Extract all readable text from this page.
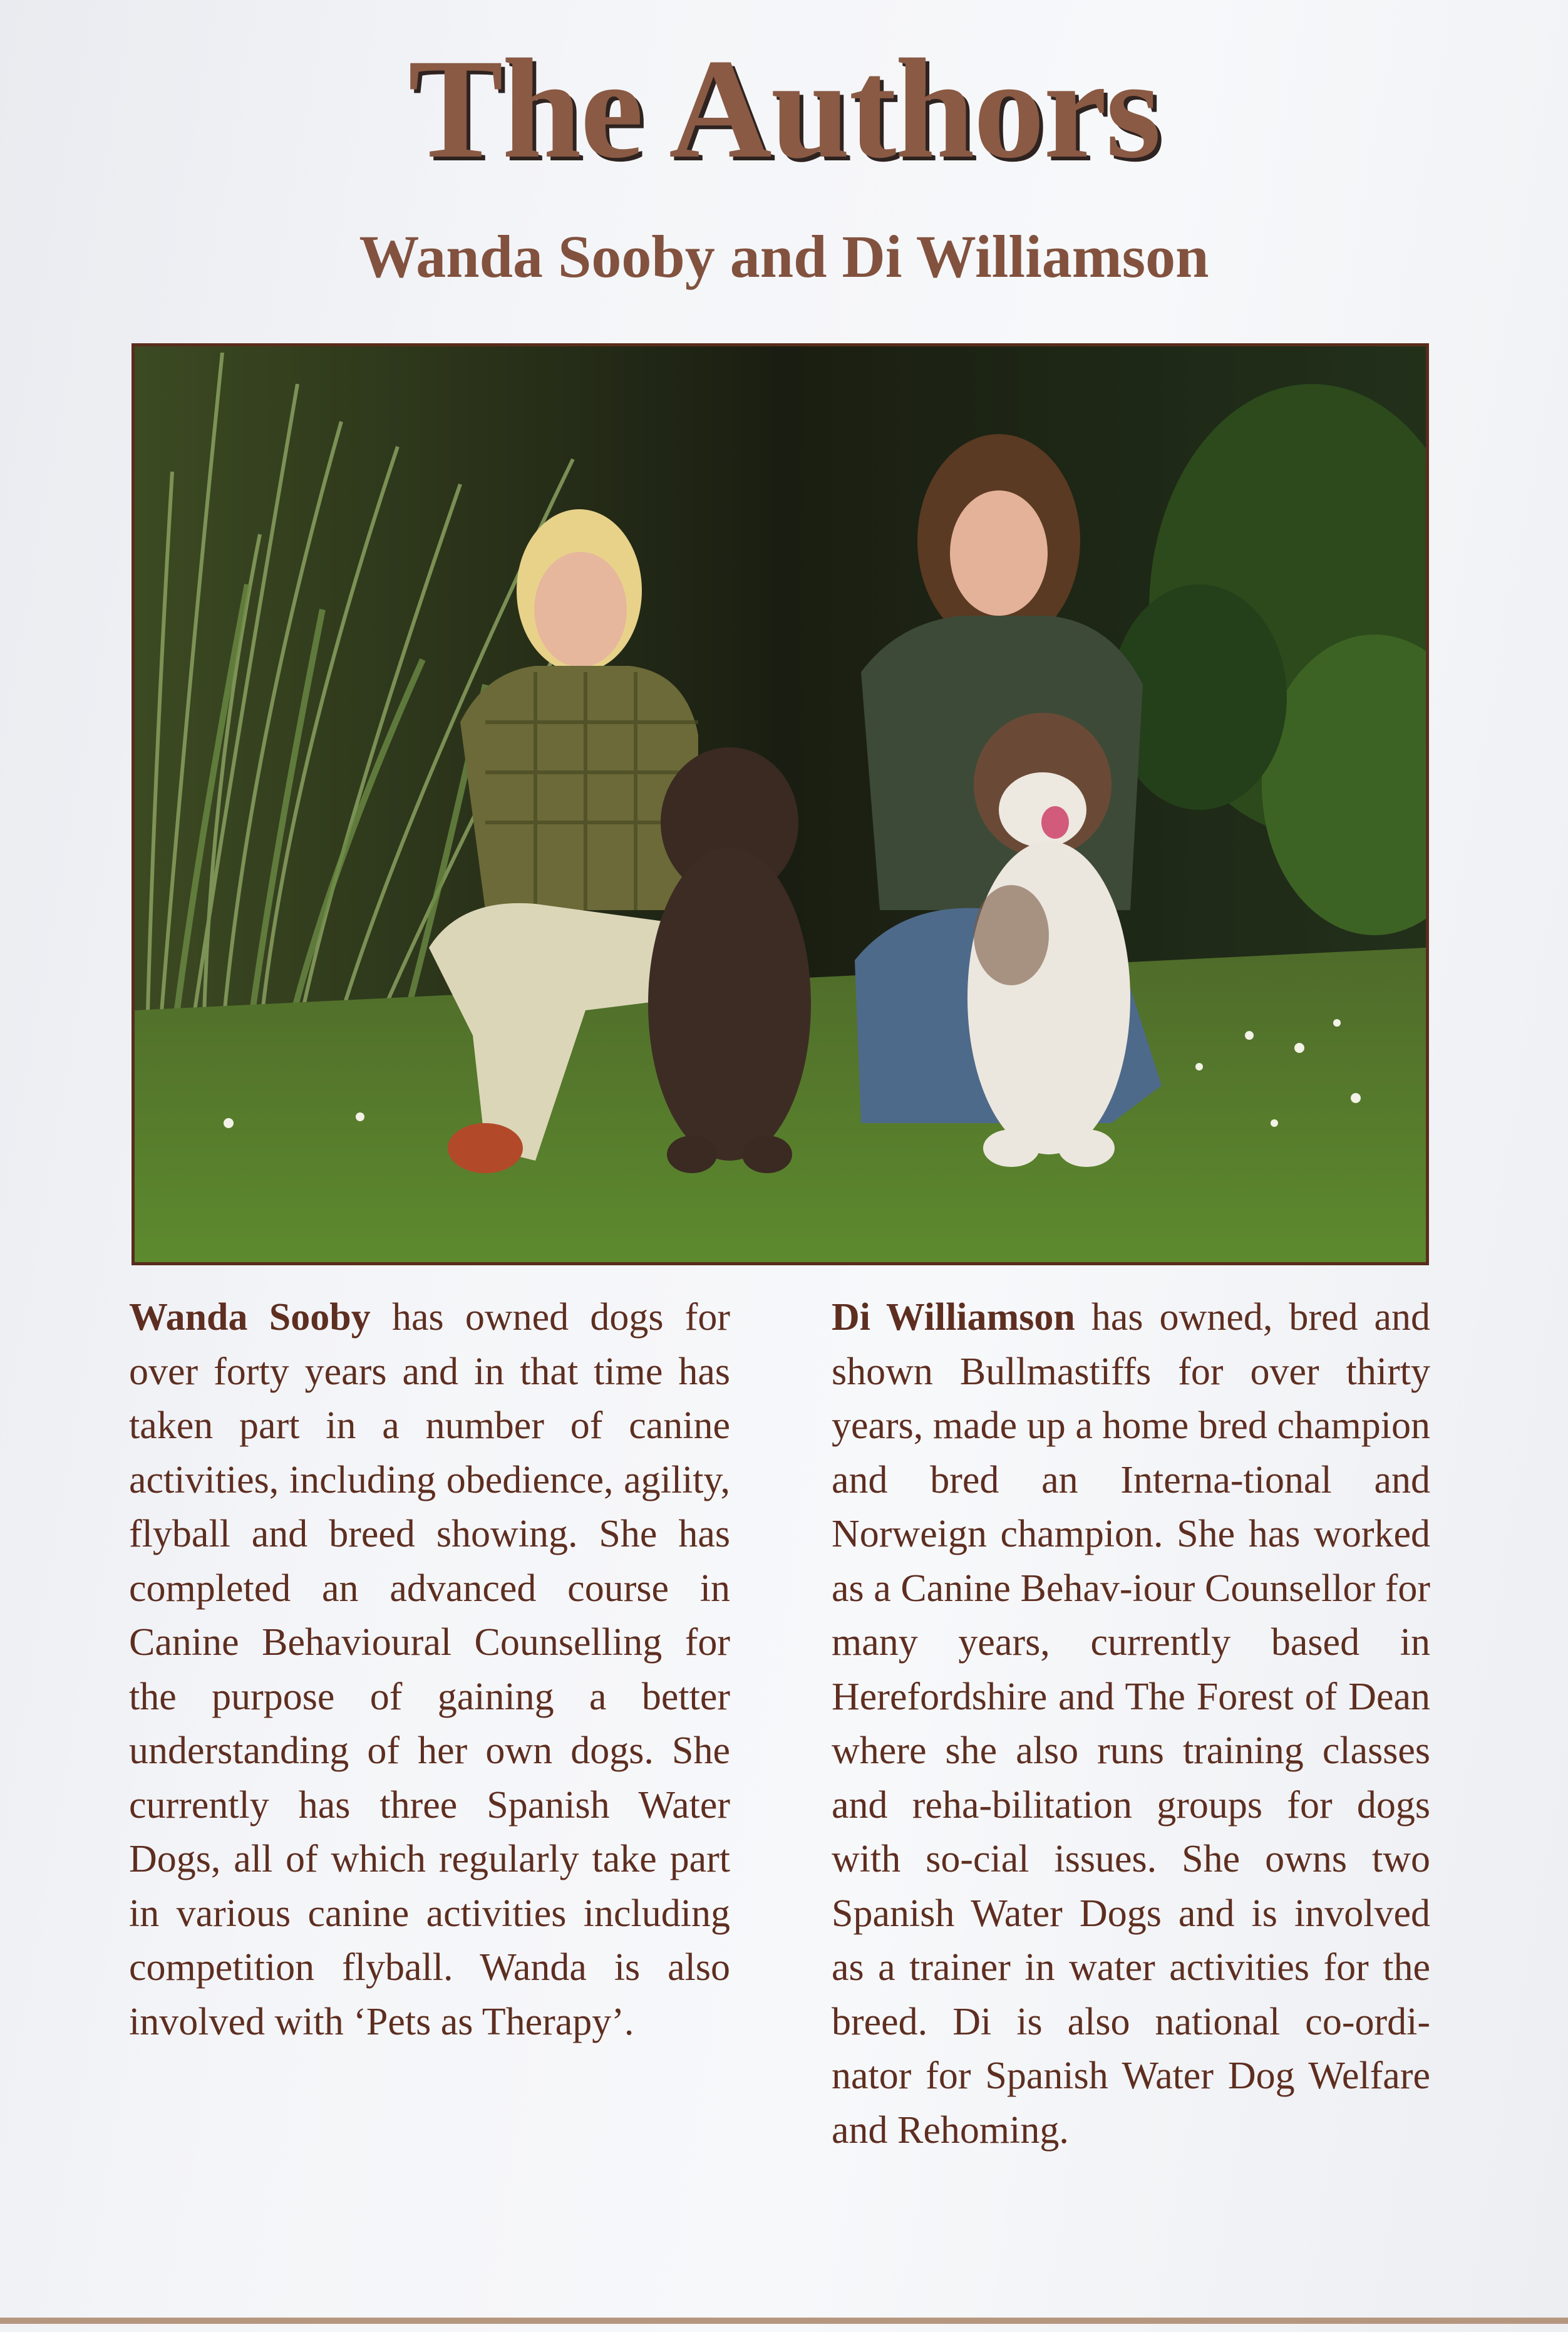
The Authors
Wanda Sooby and Di Williamson
Wanda Sooby has owned dogs for over forty years and in that time has taken part in a number of canine activities, including obedience, agility, flyball and breed showing. She has completed an advanced course in Canine Behavioural Counselling for the purpose of gaining a better understanding of her own dogs. She currently has three Spanish Water Dogs, all of which regularly take part in various canine activities including competition flyball. Wanda is also involved with ‘Pets as Therapy’.
Di Williamson has owned, bred and shown Bullmastiffs for over thirty years, made up a home bred champion and bred an Interna-tional and Norweign champion. She has worked as a Canine Behav-iour Counsellor for many years, currently based in Herefordshire and The Forest of Dean where she also runs training classes and reha-bilitation groups for dogs with so-cial issues. She owns two Spanish Water Dogs and is involved as a trainer in water activities for the breed. Di is also national co-ordi-nator for Spanish Water Dog Welfare and Rehoming.
